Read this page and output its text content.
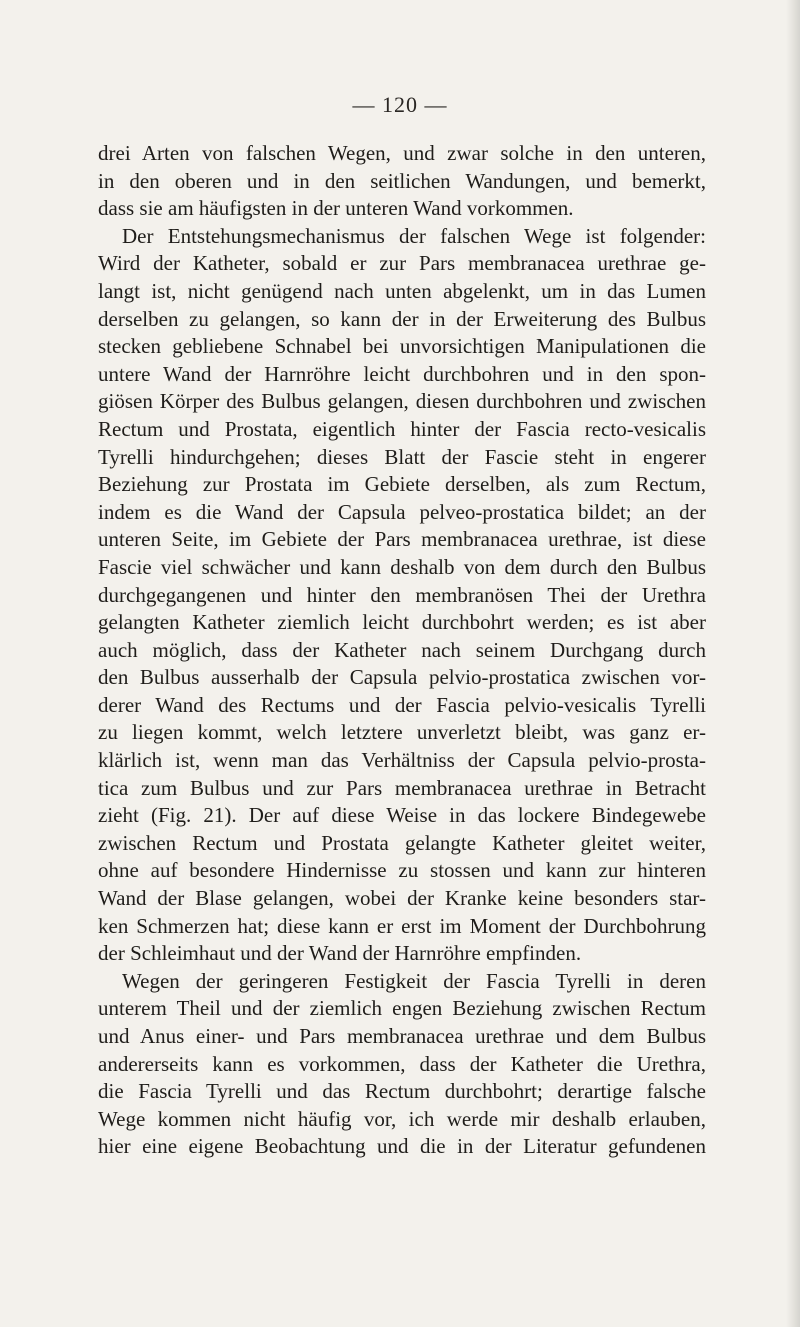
— 120 —
drei Arten von falschen Wegen, und zwar solche in den unteren,
in den oberen und in den seitlichen Wandungen, und bemerkt,
dass sie am häufigsten in der unteren Wand vorkommen.
Der Entstehungsmechanismus der falschen Wege ist folgender:
Wird der Katheter, sobald er zur Pars membranacea urethrae ge-
langt ist, nicht genügend nach unten abgelenkt, um in das Lumen
derselben zu gelangen, so kann der in der Erweiterung des Bulbus
stecken gebliebene Schnabel bei unvorsichtigen Manipulationen die
untere Wand der Harnröhre leicht durchbohren und in den spon-
giösen Körper des Bulbus gelangen, diesen durchbohren und zwischen
Rectum und Prostata, eigentlich hinter der Fascia recto-vesicalis
Tyrelli hindurchgehen; dieses Blatt der Fascie steht in engerer
Beziehung zur Prostata im Gebiete derselben, als zum Rectum,
indem es die Wand der Capsula pelveo-prostatica bildet; an der
unteren Seite, im Gebiete der Pars membranacea urethrae, ist diese
Fascie viel schwächer und kann deshalb von dem durch den Bulbus
durchgegangenen und hinter den membranösen Thei der Urethra
gelangten Katheter ziemlich leicht durchbohrt werden; es ist aber
auch möglich, dass der Katheter nach seinem Durchgang durch
den Bulbus ausserhalb der Capsula pelvio-prostatica zwischen vor-
derer Wand des Rectums und der Fascia pelvio-vesicalis Tyrelli
zu liegen kommt, welch letztere unverletzt bleibt, was ganz er-
klärlich ist, wenn man das Verhältniss der Capsula pelvio-prosta-
tica zum Bulbus und zur Pars membranacea urethrae in Betracht
zieht (Fig. 21). Der auf diese Weise in das lockere Bindegewebe
zwischen Rectum und Prostata gelangte Katheter gleitet weiter,
ohne auf besondere Hindernisse zu stossen und kann zur hinteren
Wand der Blase gelangen, wobei der Kranke keine besonders star-
ken Schmerzen hat; diese kann er erst im Moment der Durchbohrung
der Schleimhaut und der Wand der Harnröhre empfinden.
Wegen der geringeren Festigkeit der Fascia Tyrelli in deren
unterem Theil und der ziemlich engen Beziehung zwischen Rectum
und Anus einer- und Pars membranacea urethrae und dem Bulbus
andererseits kann es vorkommen, dass der Katheter die Urethra,
die Fascia Tyrelli und das Rectum durchbohrt; derartige falsche
Wege kommen nicht häufig vor, ich werde mir deshalb erlauben,
hier eine eigene Beobachtung und die in der Literatur gefundenen
